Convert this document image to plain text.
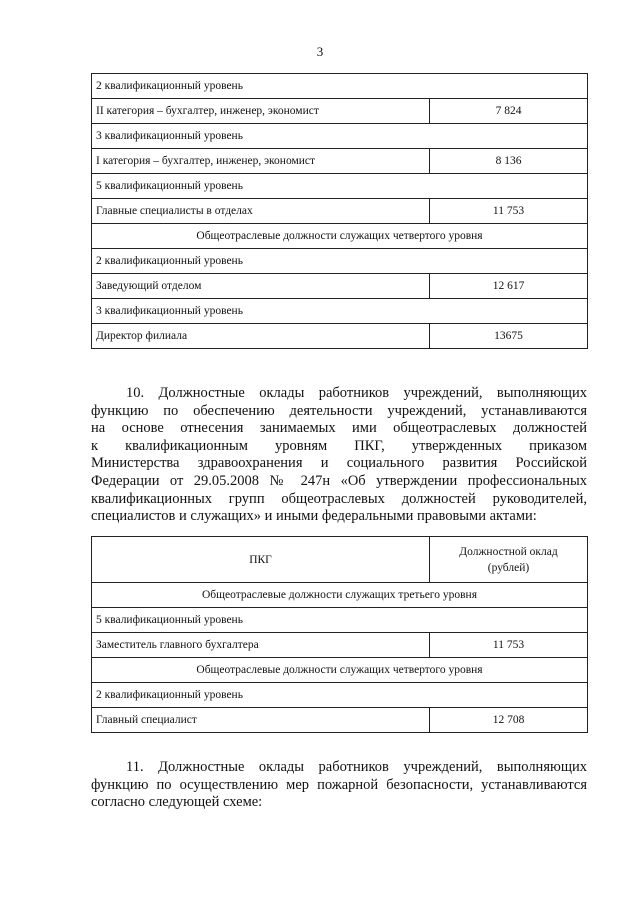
3
2 квалификационный уровень	
II категория – бухгалтер, инженер, экономист	7 824
3 квалификационный уровень	
I категория – бухгалтер, инженер, экономист	8 136
5 квалификационный уровень	
Главные специалисты в отделах	11 753
Общеотраслевые должности служащих четвертого уровня	
2 квалификационный уровень	
Заведующий отделом	12 617
3 квалификационный уровень	
Директор филиала	13675
10. Должностные оклады работников учреждений, выполняющих
функцию по обеспечению деятельности учреждений, устанавливаются
на основе отнесения занимаемых ими общеотраслевых должностей
к квалификационным уровням ПКГ, утвержденных приказом
Министерства здравоохранения и социального развития Российской
Федерации от 29.05.2008 № 247н «Об утверждении профессиональных
квалификационных групп общеотраслевых должностей руководителей,
специалистов и служащих» и иными федеральными правовыми актами:
ПКГ	Должностной оклад
(рублей)

Общеотраслевые должности служащих третьего уровня	
5 квалификационный уровень	
Заместитель главного бухгалтера	11 753
Общеотраслевые должности служащих четвертого уровня	
2 квалификационный уровень	
Главный специалист	12 708
11. Должностные оклады работников учреждений, выполняющих
функцию по осуществлению мер пожарной безопасности, устанавливаются
согласно следующей схеме:
